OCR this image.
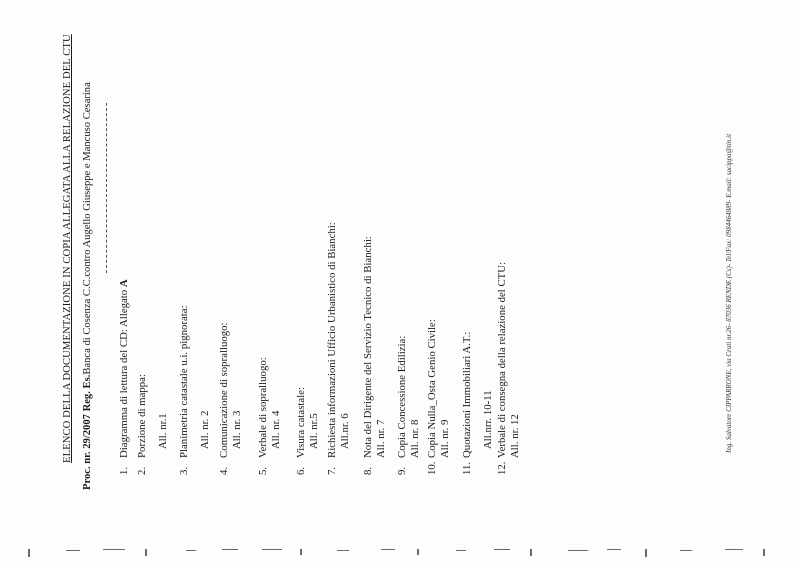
ELENCO DELLA DOCUMENTAZIONE IN COPIA ALLEGATA ALLA RELAZIONE DEL CTU Proc. nr. 29/2007 Reg. Es.Banca di Cosenza C.C.contro Augello Giuseppe e Mancuso Cesarina
1.Diagramma di lettura del CD: Allegato A
2.Porzione di mappa: All. nr.1
3.Planimetria catastale u.i. pignorata: All. nr. 2
4.Comunicazione di sopralluogo: All. nr. 3
5.Verbale di sopralluogo: All. nr. 4
6.Visura catastale: All. nr.5
7.Richiesta informazioni Ufficio Urbanistico di Bianchi: All.nr. 6
8.Nota del Dirigente del Servizio Tecnico di Bianchi: All. nr. 7
9.Copia Concessione Edilizia: All. nr. 8
10.Copia Nulla_Osta Genio Civile: All. nr. 9
11.Quotazioni Immobiliari A.T.: All.nrr. 10-11
12.Verbale di consegna della relazione del CTU: All. nr. 12	Ing. Salvatore CIPPARRONE, via Crati nr.26- 87036 RENDE (Cs)- Tel/Fax: 0984464889- E.mail: sacippa@tin.it
